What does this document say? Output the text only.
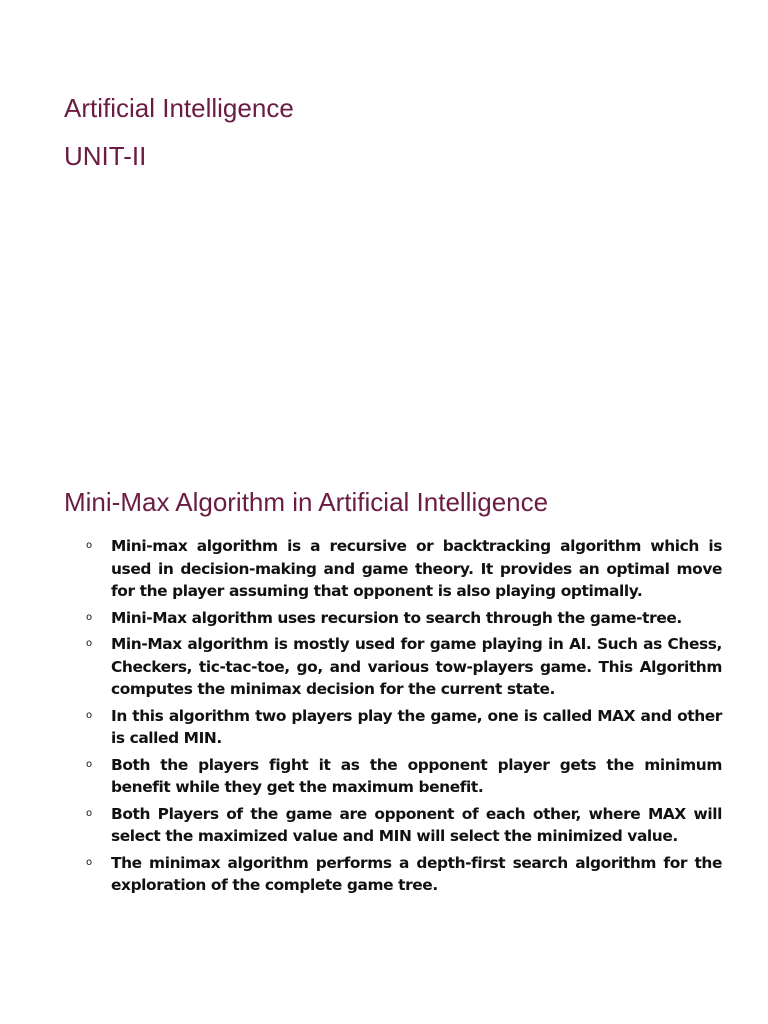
Artificial Intelligence
UNIT-II
Mini-Max Algorithm in Artificial Intelligence
o Mini-max algorithm is a recursive or backtracking algorithm which is used in decision-making and game theory. It provides an optimal move for the player assuming that opponent is also playing optimally.
o Mini-Max algorithm uses recursion to search through the game-tree.
o Min-Max algorithm is mostly used for game playing in AI. Such as Chess, Checkers, tic-tac-toe, go, and various tow-players game. This Algorithm computes the minimax decision for the current state.
o In this algorithm two players play the game, one is called MAX and other is called MIN.
o Both the players fight it as the opponent player gets the minimum benefit while they get the maximum benefit.
o Both Players of the game are opponent of each other, where MAX will select the maximized value and MIN will select the minimized value.
o The minimax algorithm performs a depth-first search algorithm for the exploration of the complete game tree.
